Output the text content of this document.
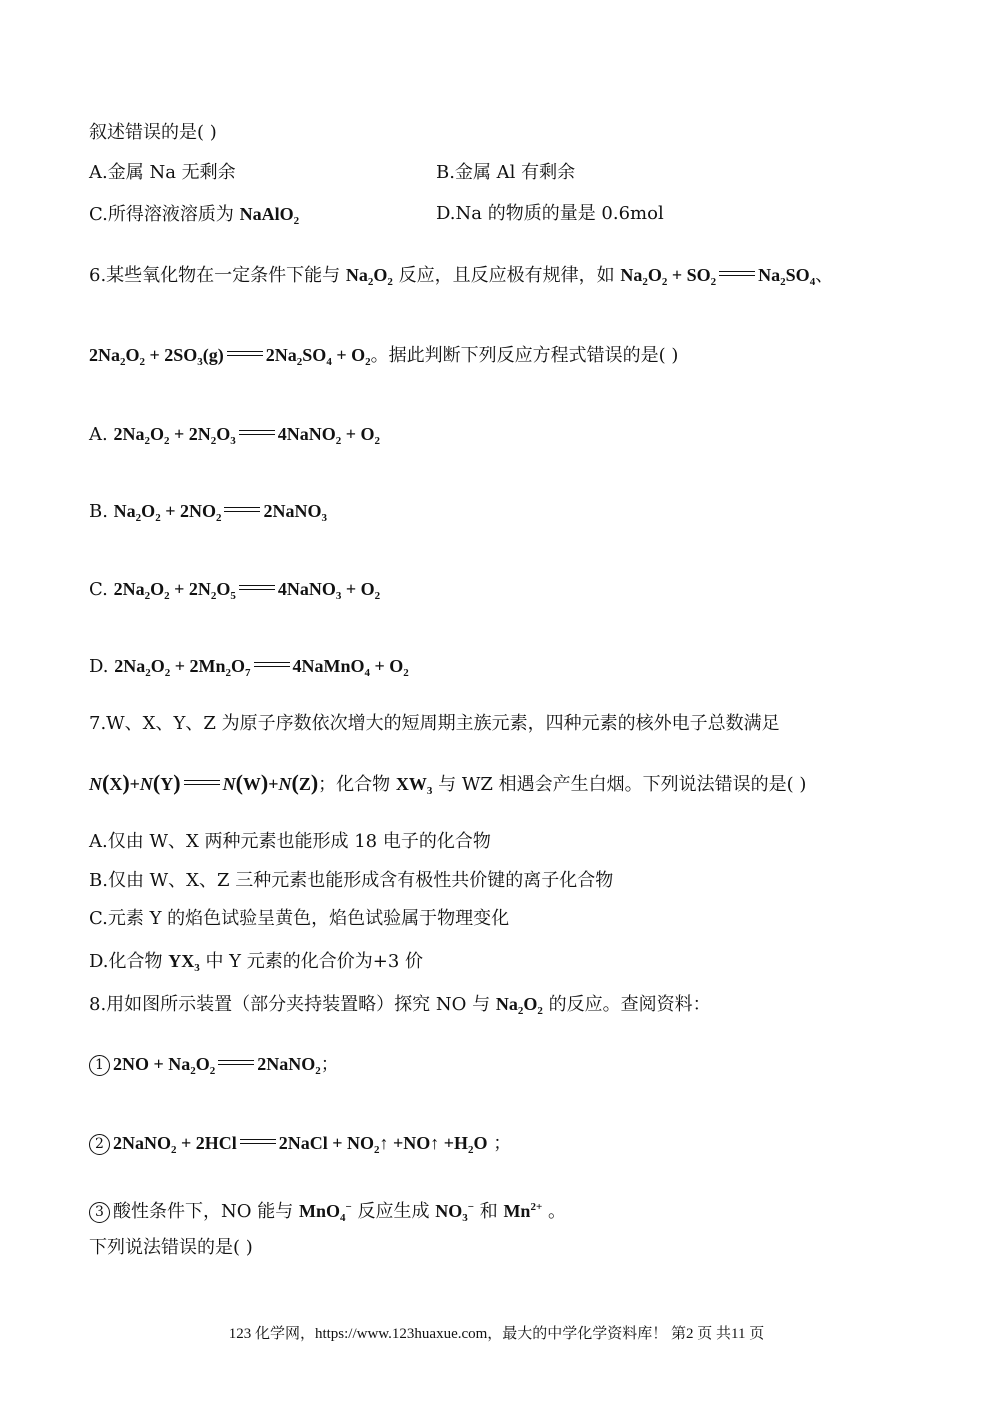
叙述错误的是( )
A.金属 Na 无剩余	B.金属 Al 有剩余
C.所得溶液溶质为 NaAlO$_2$	D.Na 的物质的量是 0.6mol
6.某些氧化物在一定条件下能与 $Na_2O_2$ 反应，且反应极有规律，如 $Na_2O_2 + SO_2$ $Na_2SO_4$、
$2Na_2O_2 + 2SO_3(g) 2Na_2SO_4 + O_2$。据此判断下列反应方程式错误的是( )
A. $2Na_2O_2 + 2N_2O_3$ 4NaNO$_2$ + $O_2$
B. $Na_2O_2 + 2NO_2$ 2NaNO$_3$
C. $2Na_2O_2 + 2N_2O_5$ 4NaNO$_3$ + $O_2$
D. $2Na_2O_2 + 2Mn_2O_7$ 4NaMnO$_4$ + $O_2$
7.W、X、Y、Z 为原子序数依次增大的短周期主族元素，四种元素的核外电子总数满足
N(X)+N(Y) N(W)+N(Z)；化合物 $XW_3$ 与 WZ 相遇会产生白烟。下列说法错误的是( )
A.仅由 W、X 两种元素也能形成 18 电子的化合物
B.仅由 W、X、Z 三种元素也能形成含有极性共价键的离子化合物
C.元素 Y 的焰色试验呈黄色，焰色试验属于物理变化
D.化合物 $YX_3$ 中 Y 元素的化合价为+3 价
8.用如图所示装置（部分夹持装置略）探究 NO 与 $Na_2O_2$ 的反应。查阅资料：
1 $2NO + Na_2O_2$ 2NaNO$_2$；
2 2NaNO$_2$ + 2HCl 2NaCl + $NO_2↑$ +NO↑ $+H_2O$ ；
3 酸性条件下，NO 能与 MnO$_4$− 反应生成 $NO_3^-$ 和 $Mn^{2+}$ 。
下列说法错误的是( )
123 化学网，https://www.123huaxue.com，最大的中学化学资料库！ 第2 页 共11 页
